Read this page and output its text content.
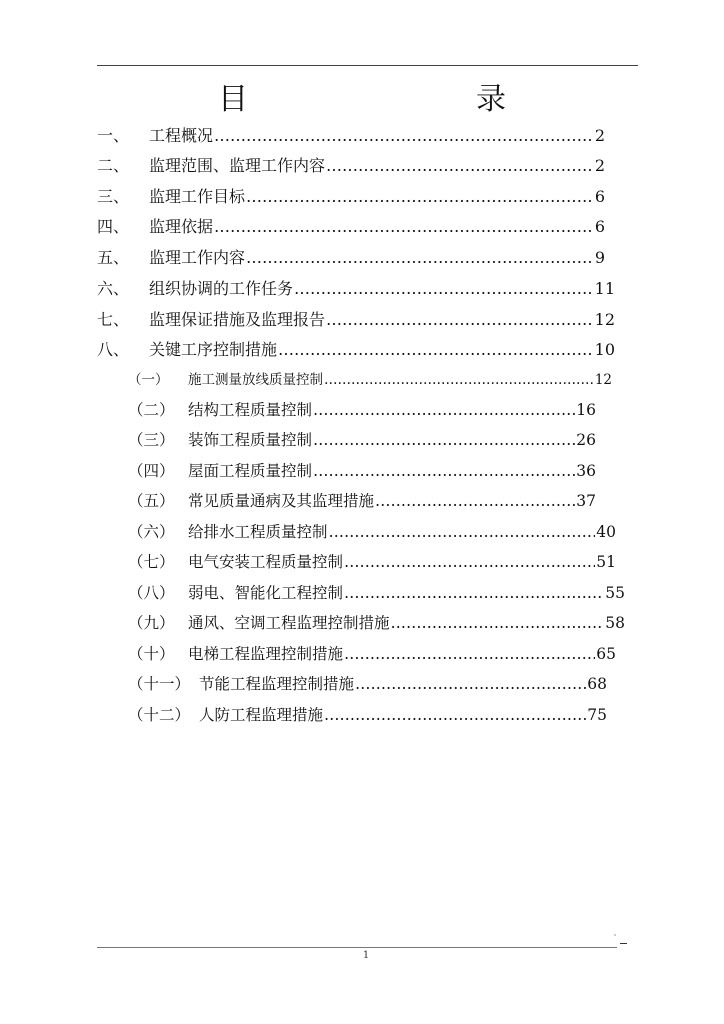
目　　录
一、	工程概况 …………………………………………………………………………………………………………………………………………	2
二、	监理范围、监理工作内容 …………………………………………………………………………………………………………………………………………	2
三、	监理工作目标 …………………………………………………………………………………………………………………………………………	6
四、	监理依据 …………………………………………………………………………………………………………………………………………	6
五、	监理工作内容 …………………………………………………………………………………………………………………………………………	9
六、	组织协调的工作任务 …………………………………………………………………………………………………………………………………………	11
七、	监理保证措施及监理报告 …………………………………………………………………………………………………………………………………………	12
八、	关键工序控制措施 …………………………………………………………………………………………………………………………………………	10
（一）	施工测量放线质量控制 …………………………………………………………………………………………………………………………………………	12
（二） 结构工程质量控制 …………………………………………………………………………………………………………………………………………	16
（三） 装饰工程质量控制 …………………………………………………………………………………………………………………………………………	26
（四） 屋面工程质量控制 …………………………………………………………………………………………………………………………………………	36
（五） 常见质量通病及其监理措施 …………………………………………………………………………………………………………………………………………	37
（六） 给排水工程质量控制 …………………………………………………………………………………………………………………………………………	40
（七） 电气安装工程质量控制 …………………………………………………………………………………………………………………………………………	51
（八） 弱电、智能化工程控制 …………………………………………………………………………………………………………………………………………	55
（九） 通风、空调工程监理控制措施 …………………………………………………………………………………………………………………………………………	58
（十） 电梯工程监理控制措施 …………………………………………………………………………………………………………………………………………	65
（十一） 节能工程监理控制措施 …………………………………………………………………………………………………………………………………………	68
（十二） 人防工程监理措施 …………………………………………………………………………………………………………………………………………	75
1
